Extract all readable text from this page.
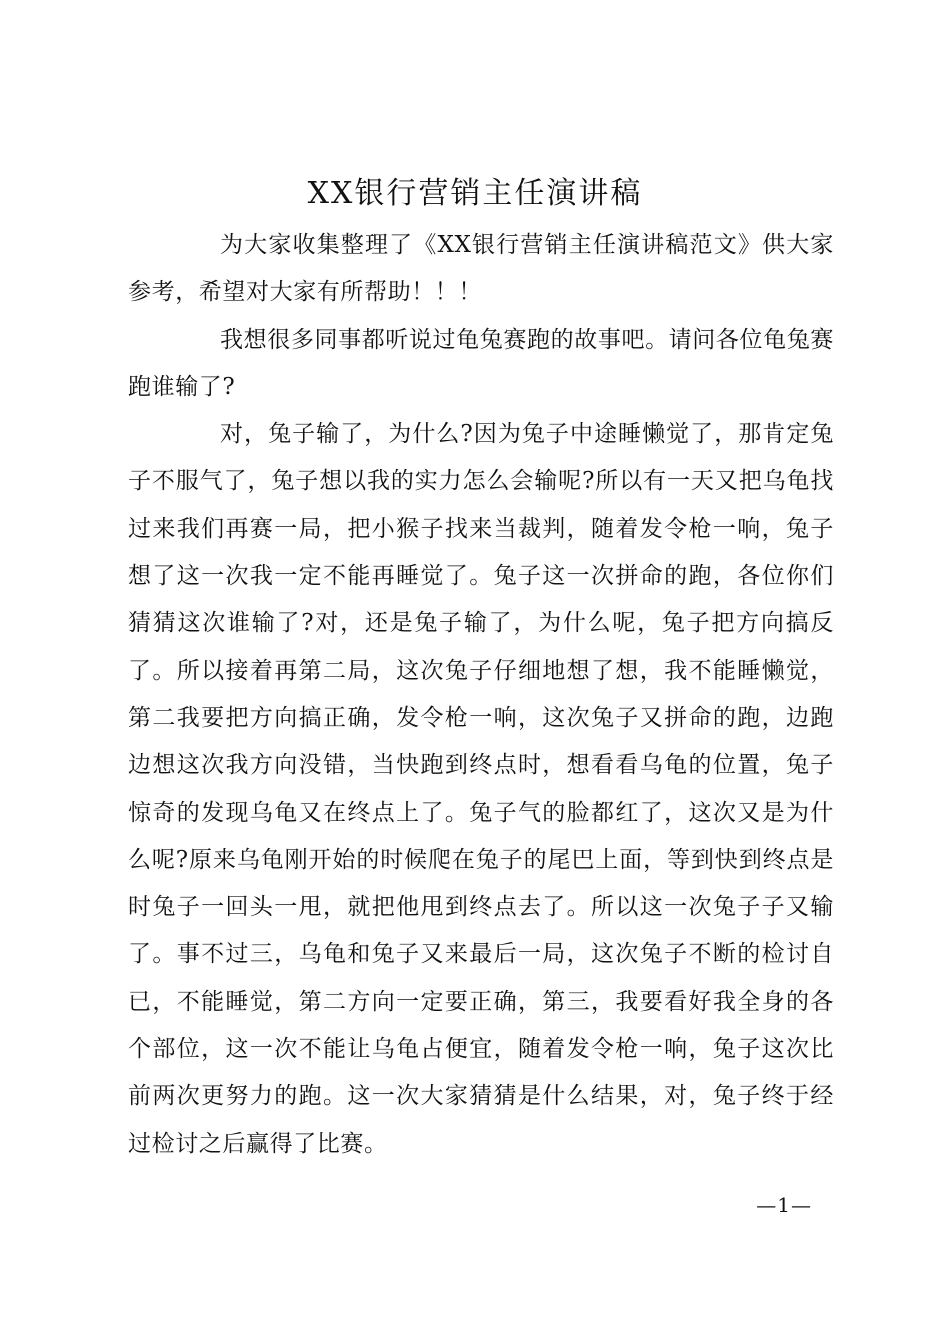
XX银行营销主任演讲稿

为大家收集整理了《XX银行营销主任演讲稿范文》供大家参考，希望对大家有所帮助！！！

我想很多同事都听说过龟兔赛跑的故事吧。请问各位龟兔赛跑谁输了?

对，兔子输了，为什么?因为兔子中途睡懒觉了，那肯定兔子不服气了，兔子想以我的实力怎么会输呢?所以有一天又把乌龟找过来我们再赛一局，把小猴子找来当裁判，随着发令枪一响，兔子想了这一次我一定不能再睡觉了。兔子这一次拼命的跑，各位你们猜猜这次谁输了?对，还是兔子输了，为什么呢，兔子把方向搞反了。所以接着再第二局，这次兔子仔细地想了想，我不能睡懒觉，第二我要把方向搞正确，发令枪一响，这次兔子又拼命的跑，边跑边想这次我方向没错，当快跑到终点时，想看看乌龟的位置，兔子惊奇的发现乌龟又在终点上了。兔子气的脸都红了，这次又是为什么呢?原来乌龟刚开始的时候爬在兔子的尾巴上面，等到快到终点是时兔子一回头一甩，就把他甩到终点去了。所以这一次兔子子又输了。事不过三，乌龟和兔子又来最后一局，这次兔子不断的检讨自已，不能睡觉，第二方向一定要正确，第三，我要看好我全身的各个部位，这一次不能让乌龟占便宜，随着发令枪一响，兔子这次比前两次更努力的跑。这一次大家猜猜是什么结果，对，兔子终于经过检讨之后赢得了比赛。

—1—
